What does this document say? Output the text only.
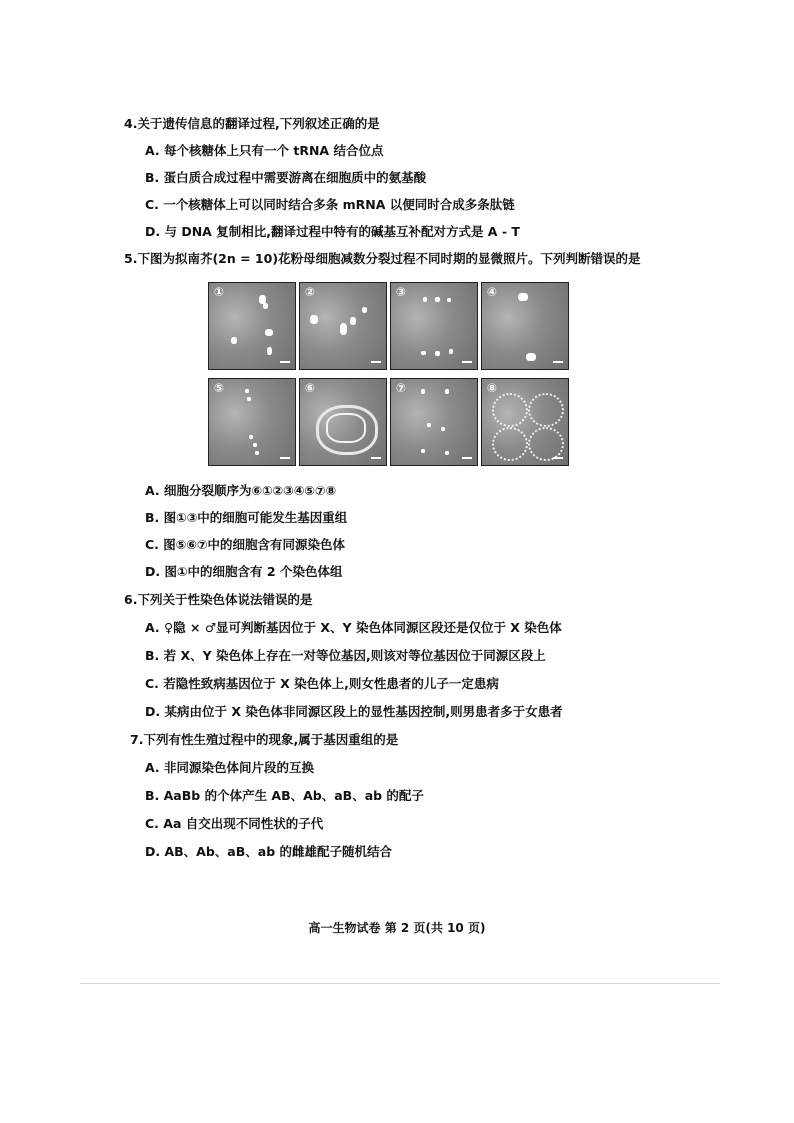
4.关于遗传信息的翻译过程,下列叙述正确的是
A. 每个核糖体上只有一个 tRNA 结合位点
B. 蛋白质合成过程中需要游离在细胞质中的氨基酸
C. 一个核糖体上可以同时结合多条 mRNA 以便同时合成多条肽链
D. 与 DNA 复制相比,翻译过程中特有的碱基互补配对方式是 A - T
5.下图为拟南芥(2n = 10)花粉母细胞减数分裂过程不同时期的显微照片。下列判断错误的是
①	②	③	④
⑤	⑥	⑦	⑧
A. 细胞分裂顺序为⑥①②③④⑤⑦⑧
B. 图①③中的细胞可能发生基因重组
C. 图⑤⑥⑦中的细胞含有同源染色体
D. 图①中的细胞含有 2 个染色体组
6.下列关于性染色体说法错误的是
A. ♀隐 × ♂显可判断基因位于 X、Y 染色体同源区段还是仅位于 X 染色体
B. 若 X、Y 染色体上存在一对等位基因,则该对等位基因位于同源区段上
C. 若隐性致病基因位于 X 染色体上,则女性患者的儿子一定患病
D. 某病由位于 X 染色体非同源区段上的显性基因控制,则男患者多于女患者
7.下列有性生殖过程中的现象,属于基因重组的是
A. 非同源染色体间片段的互换
B. AaBb 的个体产生 AB、Ab、aB、ab 的配子
C. Aa 自交出现不同性状的子代
D. AB、Ab、aB、ab 的雌雄配子随机结合
高一生物试卷 第 2 页(共 10 页)
